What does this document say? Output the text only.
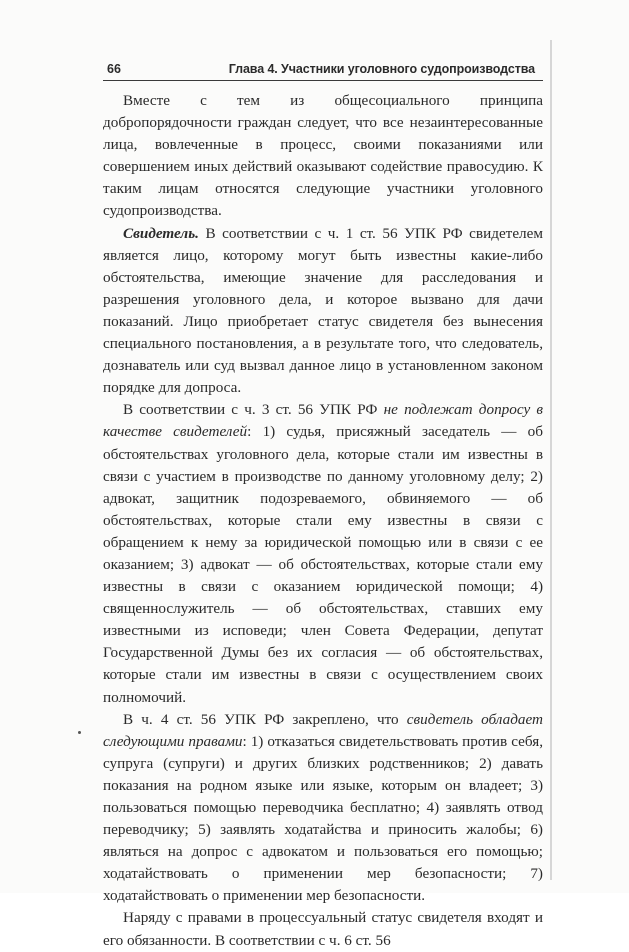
66	Глава 4. Участники уголовного судопроизводства

Вместе с тем из общесоциального принципа добропорядочности граждан следует, что все незаинтересованные лица, вовлеченные в процесс, своими показаниями или совершением иных действий оказывают содействие правосудию. К таким лицам относятся следующие участники уголовного судопроизводства.

Свидетель. В соответствии с ч. 1 ст. 56 УПК РФ свидетелем является лицо, которому могут быть известны какие-либо обстоятельства, имеющие значение для расследования и разрешения уголовного дела, и которое вызвано для дачи показаний. Лицо приобретает статус свидетеля без вынесения специального постановления, а в результате того, что следователь, дознаватель или суд вызвал данное лицо в установленном законом порядке для допроса.

В соответствии с ч. 3 ст. 56 УПК РФ не подлежат допросу в качестве свидетелей: 1) судья, присяжный заседатель — об обстоятельствах уголовного дела, которые стали им известны в связи с участием в производстве по данному уголовному делу; 2) адвокат, защитник подозреваемого, обвиняемого — об обстоятельствах, которые стали ему известны в связи с обращением к нему за юридической помощью или в связи с ее оказанием; 3) адвокат — об обстоятельствах, которые стали ему известны в связи с оказанием юридической помощи; 4) священнослужитель — об обстоятельствах, ставших ему известными из исповеди; член Совета Федерации, депутат Государственной Думы без их согласия — об обстоятельствах, которые стали им известны в связи с осуществлением своих полномочий.

В ч. 4 ст. 56 УПК РФ закреплено, что свидетель обладает следующими правами: 1) отказаться свидетельствовать против себя, супруга (супруги) и других близких родственников; 2) давать показания на родном языке или языке, которым он владеет; 3) пользоваться помощью переводчика бесплатно; 4) заявлять отвод переводчику; 5) заявлять ходатайства и приносить жалобы; 6) являться на допрос с адвокатом и пользоваться его помощью; ходатайствовать о применении мер безопасности; 7) ходатайствовать о применении мер безопасности.

Наряду с правами в процессуальный статус свидетеля входят и его обязанности. В соответствии с ч. 6 ст. 56
